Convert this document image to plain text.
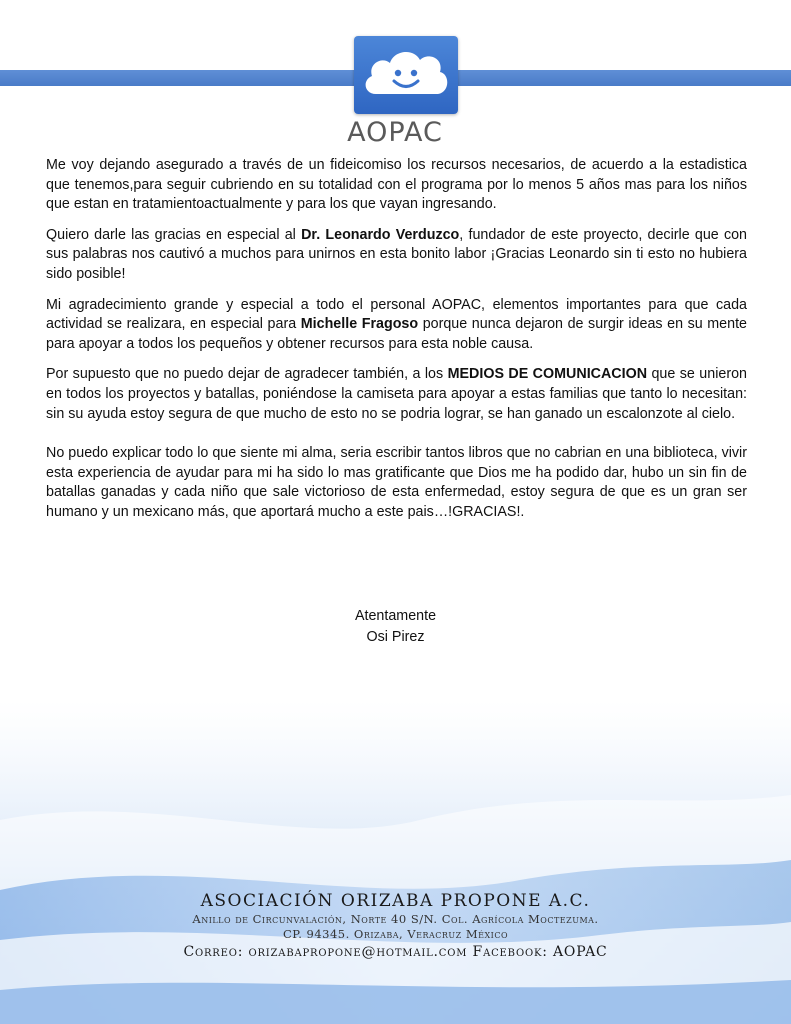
AOPAC

Me voy dejando asegurado a través de un fideicomiso los recursos necesarios, de acuerdo a la estadistica que tenemos,para seguir cubriendo en su totalidad con el programa por lo menos 5 años mas para los niños que estan en tratamientoactualmente y para los que vayan ingresando.

Quiero darle las gracias en especial al Dr. Leonardo Verduzco, fundador de este proyecto, decirle que con sus palabras nos cautivó a muchos para unirnos en esta bonito labor ¡Gracias Leonardo sin ti esto no hubiera sido posible!

Mi agradecimiento grande y especial a todo el personal AOPAC, elementos importantes para que cada actividad se realizara, en especial para Michelle Fragoso porque nunca dejaron de surgir ideas en su mente para apoyar a todos los pequeños y obtener recursos para esta noble causa.

Por supuesto que no puedo dejar de agradecer también, a los MEDIOS DE COMUNICACION que se unieron en todos los proyectos y batallas, poniéndose la camiseta para apoyar a estas familias que tanto lo necesitan: sin su ayuda estoy segura de que mucho de esto no se podria lograr, se han ganado un escalonzote al cielo.

No puedo explicar todo lo que siente mi alma, seria escribir tantos libros que no cabrian en una biblioteca, vivir esta experiencia de ayudar para mi ha sido lo mas gratificante que Dios me ha podido dar, hubo un sin fin de batallas ganadas y cada niño que sale victorioso de esta enfermedad, estoy segura de que es un gran ser humano y un mexicano más, que aportará mucho a este pais…!GRACIAS!.

Atentamente
Osi Pirez
ASOCIACIÓN ORIZABA PROPONE A.C.
Anillo de Circunvalación, Norte 40 S/N. Col. Agrícola Moctezuma.
CP. 94345. Orizaba, Veracruz México
Correo: orizabapropone@hotmail.com Facebook: AOPAC
